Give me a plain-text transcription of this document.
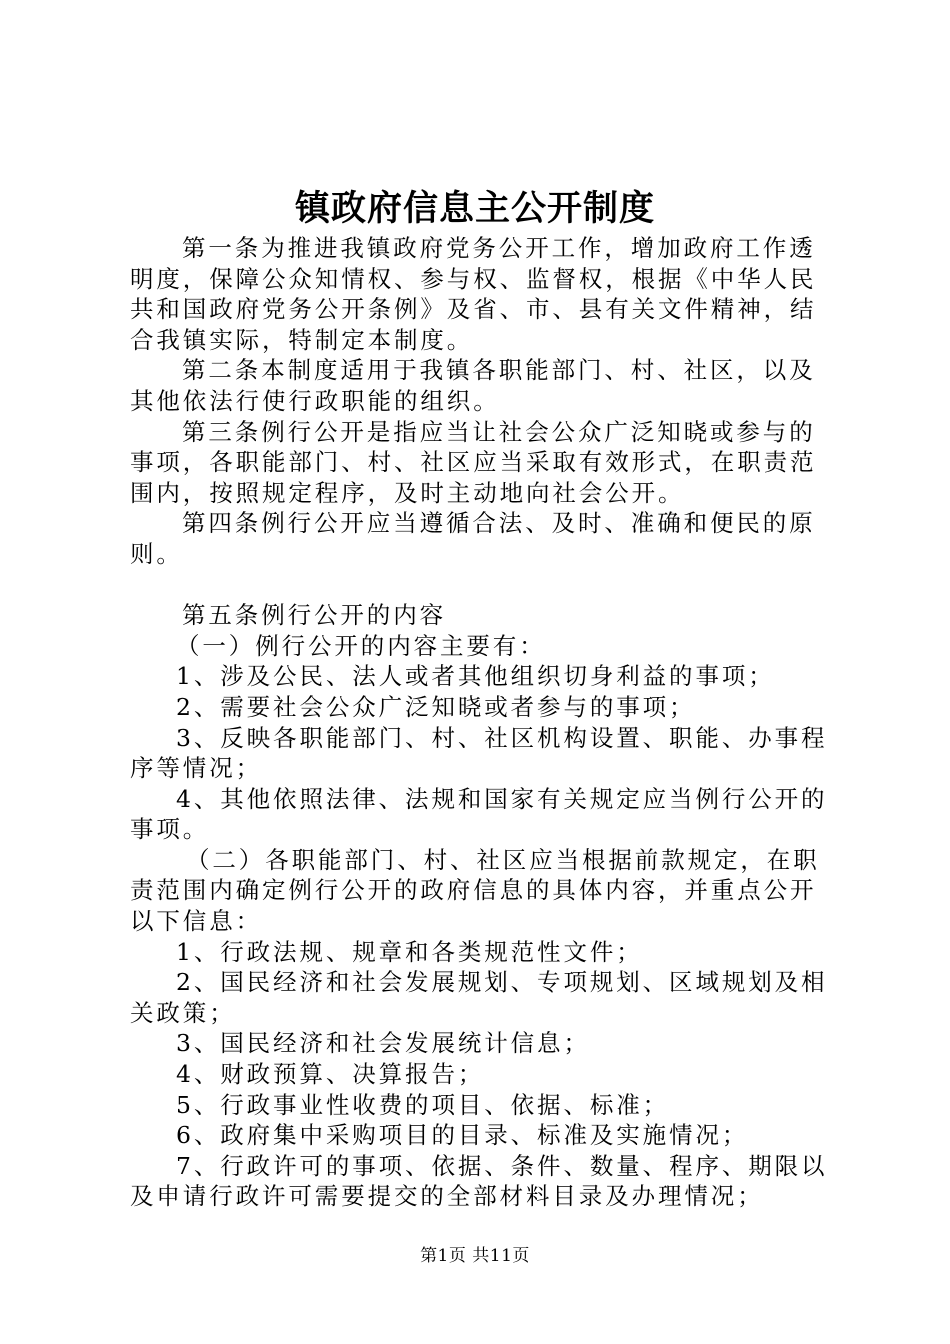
镇政府信息主公开制度

第一条为推进我镇政府党务公开工作，增加政府工作透明度，保障公众知情权、参与权、监督权，根据《中华人民共和国政府党务公开条例》及省、市、县有关文件精神，结合我镇实际，特制定本制度。

第二条本制度适用于我镇各职能部门、村、社区，以及其他依法行使行政职能的组织。

第三条例行公开是指应当让社会公众广泛知晓或参与的事项，各职能部门、村、社区应当采取有效形式，在职责范围内，按照规定程序，及时主动地向社会公开。

第四条例行公开应当遵循合法、及时、准确和便民的原则。

第五条例行公开的内容

（一）例行公开的内容主要有：

1、涉及公民、法人或者其他组织切身利益的事项；

2、需要社会公众广泛知晓或者参与的事项；

3、反映各职能部门、村、社区机构设置、职能、办事程序等情况；

4、其他依照法律、法规和国家有关规定应当例行公开的事项。

（二）各职能部门、村、社区应当根据前款规定，在职责范围内确定例行公开的政府信息的具体内容，并重点公开以下信息：

1、行政法规、规章和各类规范性文件；

2、国民经济和社会发展规划、专项规划、区域规划及相关政策；

3、国民经济和社会发展统计信息；

4、财政预算、决算报告；

5、行政事业性收费的项目、依据、标准；

6、政府集中采购项目的目录、标准及实施情况；

7、行政许可的事项、依据、条件、数量、程序、期限以及申请行政许可需要提交的全部材料目录及办理情况；

第1页 共11页
